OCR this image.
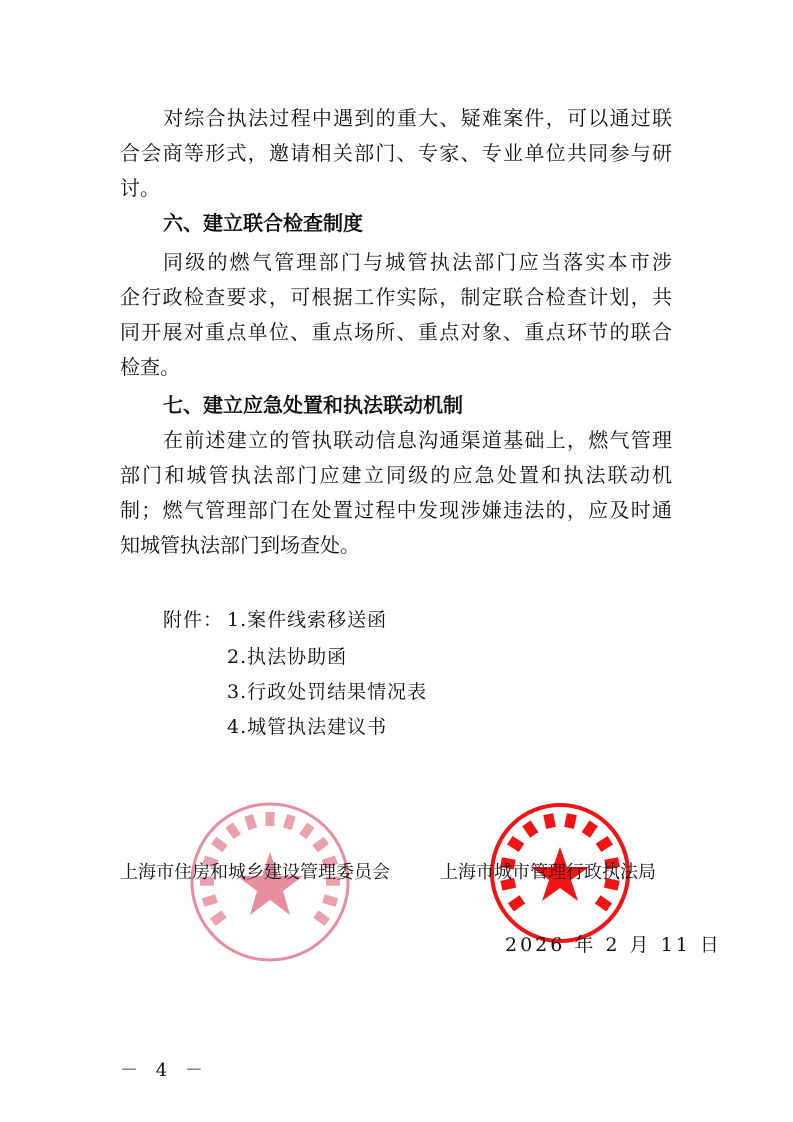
对综合执法过程中遇到的重大、疑难案件，可以通过联
合会商等形式，邀请相关部门、专家、专业单位共同参与研
讨。
六、建立联合检查制度
同级的燃气管理部门与城管执法部门应当落实本市涉
企行政检查要求，可根据工作实际，制定联合检查计划，共
同开展对重点单位、重点场所、重点对象、重点环节的联合
检查。
七、建立应急处置和执法联动机制
在前述建立的管执联动信息沟通渠道基础上，燃气管理
部门和城管执法部门应建立同级的应急处置和执法联动机
制；燃气管理部门在处置过程中发现涉嫌违法的，应及时通
知城管执法部门到场查处。
附件： 1.案件线索移送函
2.执法协助函
3.行政处罚结果情况表
4.城管执法建议书
上海市住房和城乡建设管理委员会	上海市城市管理行政执法局
2026 年 2 月 11 日
－ 4 －
